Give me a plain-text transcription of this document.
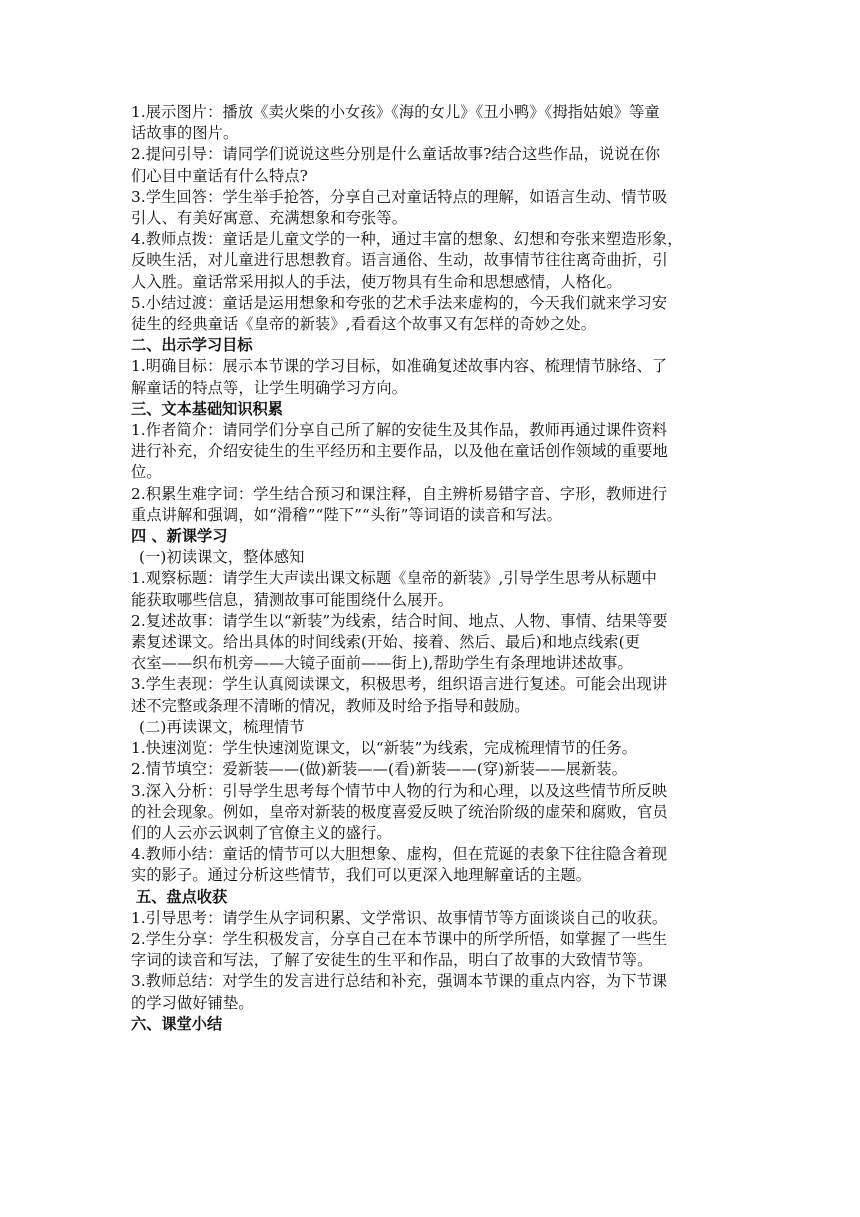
1.展示图片：播放《卖火柴的小女孩》《海的女儿》《丑小鸭》《拇指姑娘》等童
话故事的图片。
2.提问引导：请同学们说说这些分别是什么童话故事?结合这些作品，说说在你
们心目中童话有什么特点?
3.学生回答：学生举手抢答，分享自己对童话特点的理解，如语言生动、情节吸
引人、有美好寓意、充满想象和夸张等。
4.教师点拨：童话是儿童文学的一种，通过丰富的想象、幻想和夸张来塑造形象，
反映生活，对儿童进行思想教育。语言通俗、生动，故事情节往往离奇曲折，引
人入胜。童话常采用拟人的手法，使万物具有生命和思想感情，人格化。
5.小结过渡：童话是运用想象和夸张的艺术手法来虚构的，今天我们就来学习安
徒生的经典童话《皇帝的新装》,看看这个故事又有怎样的奇妙之处。
二、出示学习目标
1.明确目标：展示本节课的学习目标，如准确复述故事内容、梳理情节脉络、了
解童话的特点等，让学生明确学习方向。
三、文本基础知识积累
1.作者简介：请同学们分享自己所了解的安徒生及其作品，教师再通过课件资料
进行补充，介绍安徒生的生平经历和主要作品，以及他在童话创作领域的重要地
位。
2.积累生难字词：学生结合预习和课注释，自主辨析易错字音、字形，教师进行
重点讲解和强调，如“滑稽”“陛下”“头衔”等词语的读音和写法。
四 、新课学习
(一)初读课文，整体感知
1.观察标题：请学生大声读出课文标题《皇帝的新装》,引导学生思考从标题中
能获取哪些信息，猜测故事可能围绕什么展开。
2.复述故事：请学生以“新装”为线索，结合时间、地点、人物、事情、结果等要
素复述课文。给出具体的时间线索(开始、接着、然后、最后)和地点线索(更
衣室——织布机旁——大镜子面前——街上),帮助学生有条理地讲述故事。
3.学生表现：学生认真阅读课文，积极思考，组织语言进行复述。可能会出现讲
述不完整或条理不清晰的情况，教师及时给予指导和鼓励。
(二)再读课文，梳理情节
1.快速浏览：学生快速浏览课文，以“新装”为线索，完成梳理情节的任务。
2.情节填空：爱新装——(做)新装——(看)新装——(穿)新装——展新装。
3.深入分析：引导学生思考每个情节中人物的行为和心理，以及这些情节所反映
的社会现象。例如，皇帝对新装的极度喜爱反映了统治阶级的虚荣和腐败，官员
们的人云亦云讽刺了官僚主义的盛行。
4.教师小结：童话的情节可以大胆想象、虚构，但在荒诞的表象下往往隐含着现
实的影子。通过分析这些情节，我们可以更深入地理解童话的主题。
五、盘点收获
1.引导思考：请学生从字词积累、文学常识、故事情节等方面谈谈自己的收获。
2.学生分享：学生积极发言，分享自己在本节课中的所学所悟，如掌握了一些生
字词的读音和写法，了解了安徒生的生平和作品，明白了故事的大致情节等。
3.教师总结：对学生的发言进行总结和补充，强调本节课的重点内容，为下节课
的学习做好铺垫。
六、课堂小结
